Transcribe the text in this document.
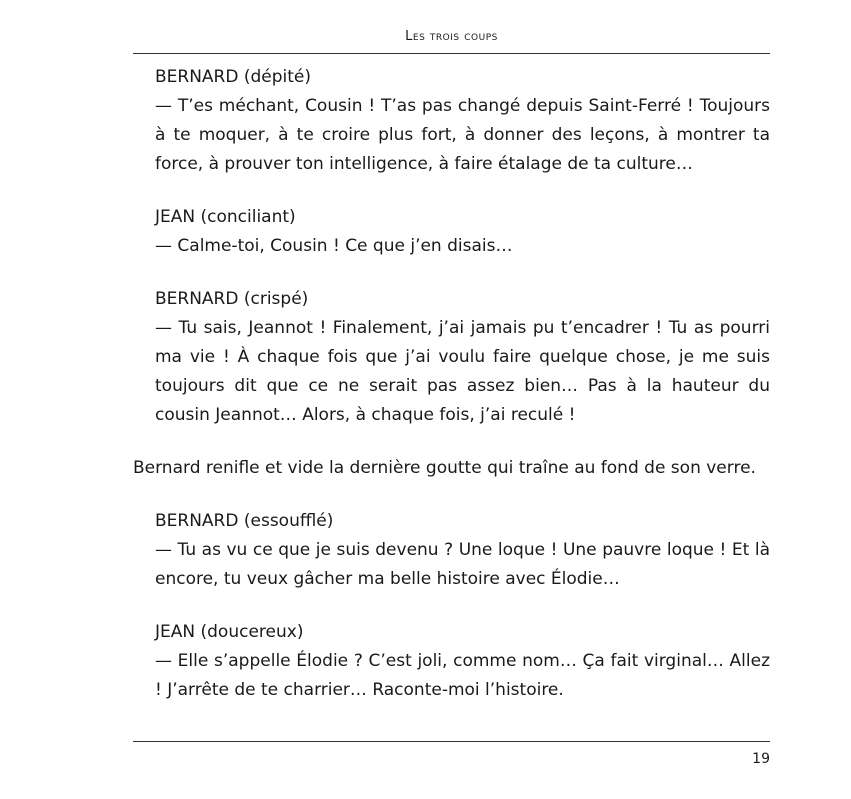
Les trois coups
BERNARD (dépité)

— T’es méchant, Cousin ! T’as pas changé depuis Saint-Ferré ! Toujours à te moquer, à te croire plus fort, à donner des leçons, à montrer ta force, à prouver ton intelligence, à faire étalage de ta culture…

JEAN (conciliant)

— Calme-toi, Cousin ! Ce que j’en disais…

BERNARD (crispé)

— Tu sais, Jeannot ! Finalement, j’ai jamais pu t’encadrer ! Tu as pourri ma vie ! À chaque fois que j’ai voulu faire quelque chose, je me suis toujours dit que ce ne serait pas assez bien… Pas à la hauteur du cousin Jeannot… Alors, à chaque fois, j’ai reculé !

Bernard renifle et vide la dernière goutte qui traîne au fond de son verre.

BERNARD (essoufflé)

— Tu as vu ce que je suis devenu ? Une loque ! Une pauvre loque ! Et là encore, tu veux gâcher ma belle histoire avec Élodie…

JEAN (doucereux)

— Elle s’appelle Élodie ? C’est joli, comme nom… Ça fait virginal… Allez ! J’arrête de te charrier… Raconte-moi l’histoire.

19
